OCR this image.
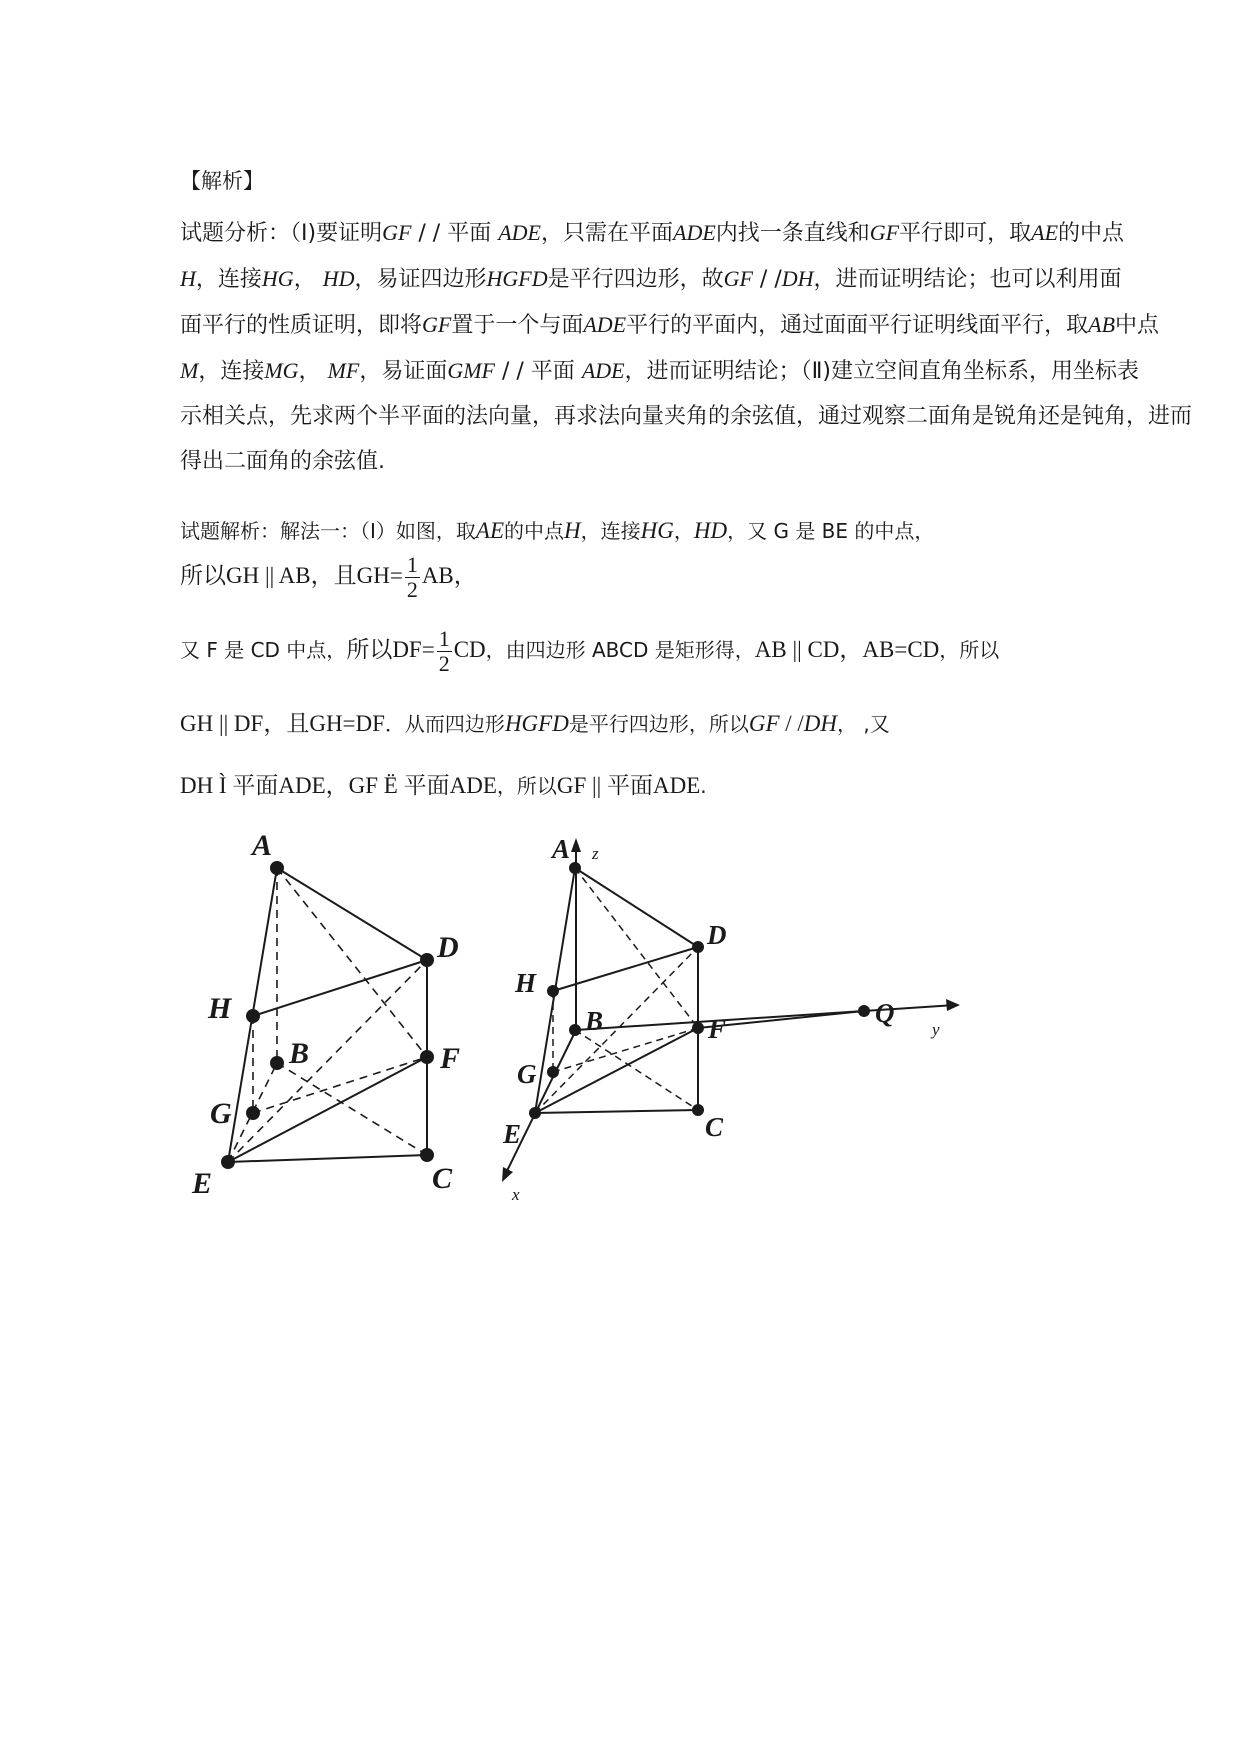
【解析】

试题分析：（Ⅰ)要证明GF / / 平面 ADE，只需在平面ADE内找一条直线和GF平行即可，取AE的中点

H，连接HG， HD，易证四边形HGFD是平行四边形，故GF / /DH，进而证明结论；也可以利用面

面平行的性质证明，即将GF置于一个与面ADE平行的平面内，通过面面平行证明线面平行，取AB中点

M，连接MG， MF，易证面GMF / / 平面 ADE，进而证明结论；（Ⅱ)建立空间直角坐标系，用坐标表

示相关点，先求两个半平面的法向量，再求法向量夹角的余弦值，通过观察二面角是锐角还是钝角，进而

得出二面角的余弦值.

试题解析：解法一：（Ⅰ）如图，取AE的中点H，连接HG，HD，又 G 是 BE 的中点，
所以GH || AB，且$GH= \frac{1}{2}$ AB，
又 F 是 CD 中点，所以$DF= \frac{1}{2}$ CD，由四边形 ABCD 是矩形得，AB || CD，AB=CD，所以
GH || DF，且GH=DF．从而四边形HGFD是平行四边形，所以GF / /DH， ,又
DH Ì 平面ADE，GF Ë 平面ADE，所以GF || 平面ADE.
A
D
H
B	F
G
E	C
A z
D
H
B	F
Q
y
G
E	C
x
